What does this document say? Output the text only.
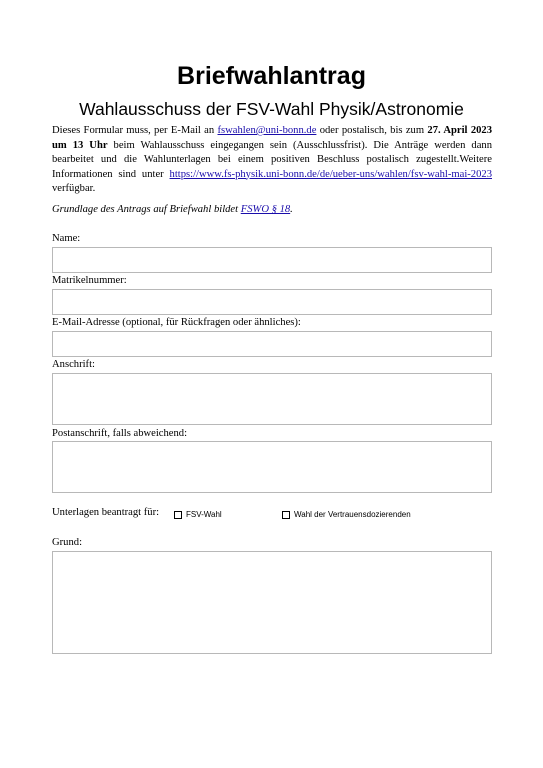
Briefwahlantrag
Wahlausschuss der FSV-Wahl Physik/Astronomie
Dieses Formular muss, per E-Mail an fswahlen@uni-bonn.de oder postalisch, bis zum 27. April 2023 um 13 Uhr beim Wahlausschuss eingegangen sein (Ausschlussfrist). Die Anträge werden dann bearbeitet und die Wahlunterlagen bei einem positiven Beschluss postalisch zugestellt.Weitere Informationen sind unter https://www.fs-physik.uni-bonn.de/de/ueber-uns/wahlen/fsv-wahl-mai-2023 verfügbar.
Grundlage des Antrags auf Briefwahl bildet FSWO § 18.
Name:
Matrikelnummer:
E-Mail-Adresse (optional, für Rückfragen oder ähnliches):
Anschrift:
Postanschrift, falls abweichend:
Unterlagen beantragt für:	FSV-Wahl	Wahl der Vertrauensdozierenden
Grund:
